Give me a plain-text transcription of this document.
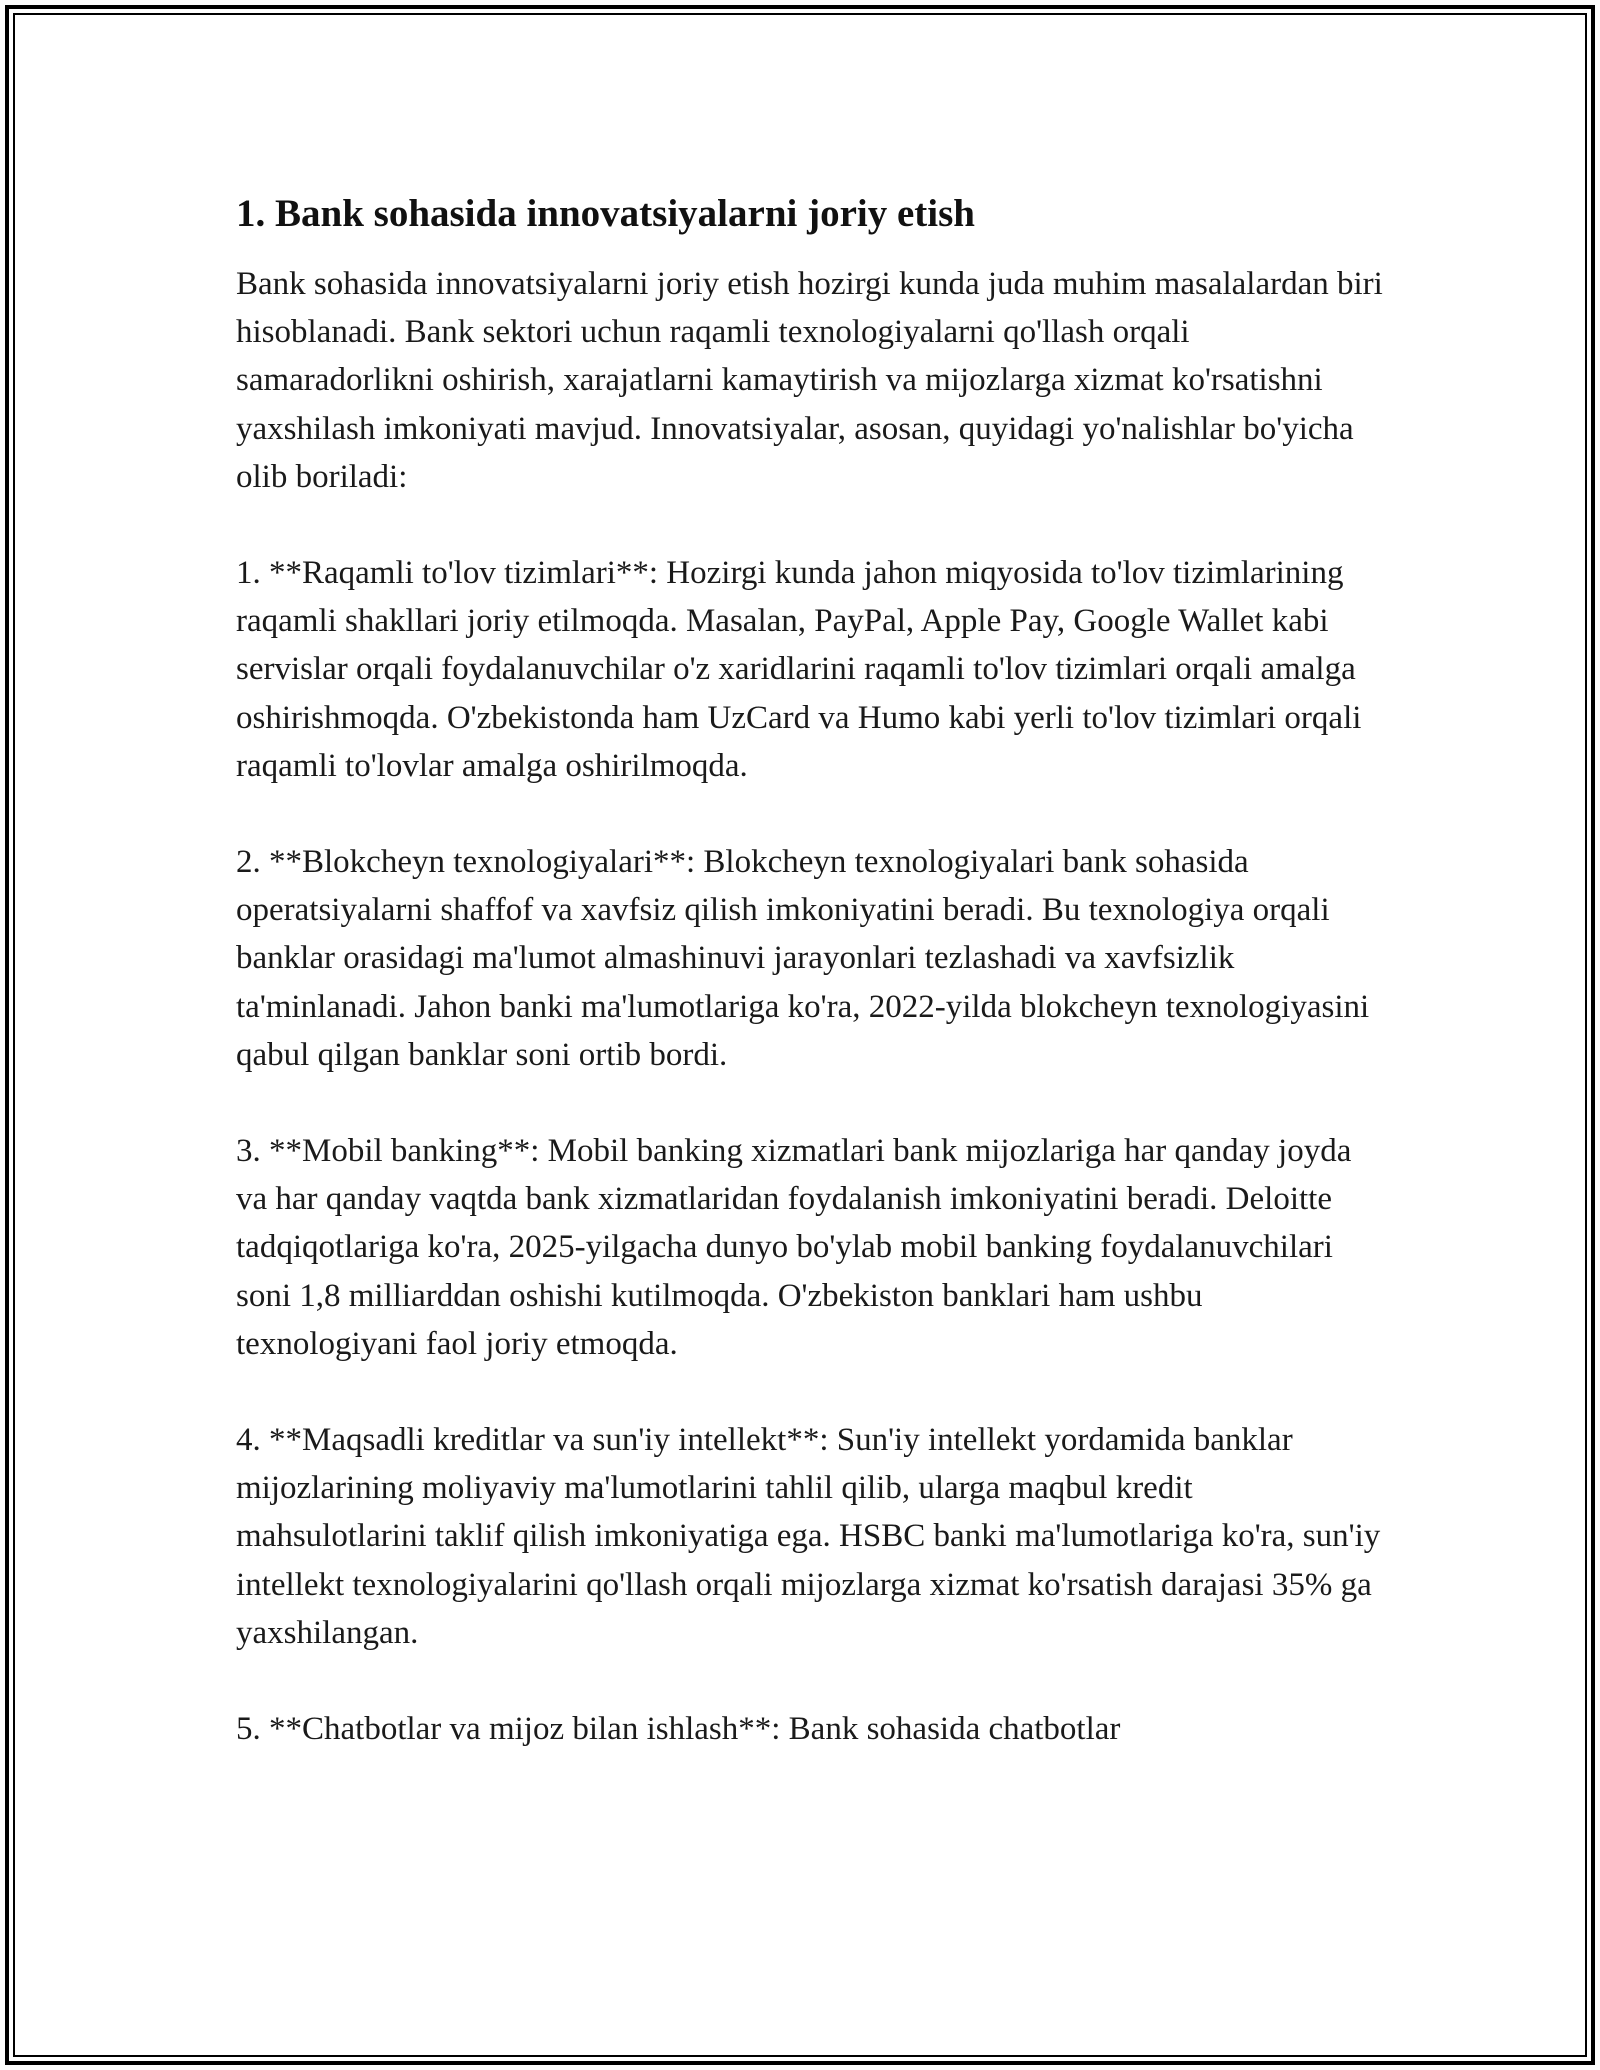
1. Bank sohasida innovatsiyalarni joriy etish

Bank sohasida innovatsiyalarni joriy etish hozirgi kunda juda muhim masalalardan biri hisoblanadi. Bank sektori uchun raqamli texnologiyalarni qo'llash orqali samaradorlikni oshirish, xarajatlarni kamaytirish va mijozlarga xizmat ko'rsatishni yaxshilash imkoniyati mavjud. Innovatsiyalar, asosan, quyidagi yo'nalishlar bo'yicha olib boriladi:

1. **Raqamli to'lov tizimlari**: Hozirgi kunda jahon miqyosida to'lov tizimlarining raqamli shakllari joriy etilmoqda. Masalan, PayPal, Apple Pay, Google Wallet kabi servislar orqali foydalanuvchilar o'z xaridlarini raqamli to'lov tizimlari orqali amalga oshirishmoqda. O'zbekistonda ham UzCard va Humo kabi yerli to'lov tizimlari orqali raqamli to'lovlar amalga oshirilmoqda.

2. **Blokcheyn texnologiyalari**: Blokcheyn texnologiyalari bank sohasida operatsiyalarni shaffof va xavfsiz qilish imkoniyatini beradi. Bu texnologiya orqali banklar orasidagi ma'lumot almashinuvi jarayonlari tezlashadi va xavfsizlik ta'minlanadi. Jahon banki ma'lumotlariga ko'ra, 2022-yilda blokcheyn texnologiyasini qabul qilgan banklar soni ortib bordi.

3. **Mobil banking**: Mobil banking xizmatlari bank mijozlariga har qanday joyda va har qanday vaqtda bank xizmatlaridan foydalanish imkoniyatini beradi. Deloitte tadqiqotlariga ko'ra, 2025-yilgacha dunyo bo'ylab mobil banking foydalanuvchilari soni 1,8 milliarddan oshishi kutilmoqda. O'zbekiston banklari ham ushbu texnologiyani faol joriy etmoqda.

4. **Maqsadli kreditlar va sun'iy intellekt**: Sun'iy intellekt yordamida banklar mijozlarining moliyaviy ma'lumotlarini tahlil qilib, ularga maqbul kredit mahsulotlarini taklif qilish imkoniyatiga ega. HSBC banki ma'lumotlariga ko'ra, sun'iy intellekt texnologiyalarini qo'llash orqali mijozlarga xizmat ko'rsatish darajasi 35% ga yaxshilangan.

5. **Chatbotlar va mijoz bilan ishlash**: Bank sohasida chatbotlar
